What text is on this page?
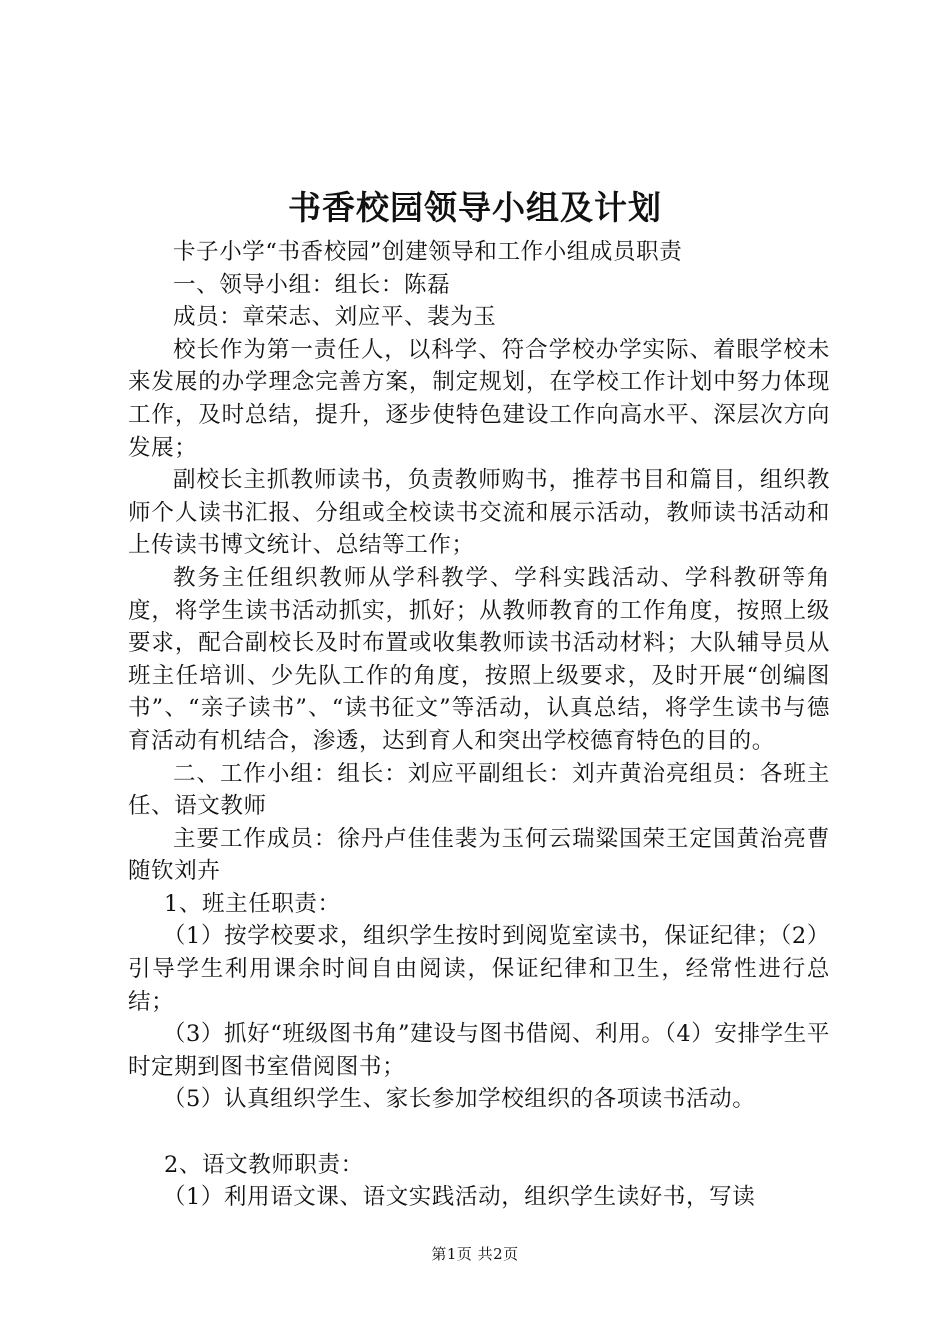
书香校园领导小组及计划

卡子小学“书香校园”创建领导和工作小组成员职责

一、领导小组：组长：陈磊

成员：章荣志、刘应平、裴为玉

校长作为第一责任人，以科学、符合学校办学实际、着眼学校未来发展的办学理念完善方案，制定规划，在学校工作计划中努力体现工作，及时总结，提升，逐步使特色建设工作向高水平、深层次方向发展；

副校长主抓教师读书，负责教师购书，推荐书目和篇目，组织教师个人读书汇报、分组或全校读书交流和展示活动，教师读书活动和上传读书博文统计、总结等工作；

教务主任组织教师从学科教学、学科实践活动、学科教研等角度，将学生读书活动抓实，抓好；从教师教育的工作角度，按照上级要求，配合副校长及时布置或收集教师读书活动材料；大队辅导员从班主任培训、少先队工作的角度，按照上级要求，及时开展“创编图书”、“亲子读书”、“读书征文”等活动，认真总结，将学生读书与德育活动有机结合，渗透，达到育人和突出学校德育特色的目的。

二、工作小组：组长：刘应平副组长：刘卉黄治亮组员：各班主任、语文教师

主要工作成员：徐丹卢佳佳裴为玉何云瑞粱国荣王定国黄治亮曹随钦刘卉

1、班主任职责：

（1）按学校要求，组织学生按时到阅览室读书，保证纪律；（2）引导学生利用课余时间自由阅读，保证纪律和卫生，经常性进行总结；

（3）抓好“班级图书角”建设与图书借阅、利用。（4）安排学生平时定期到图书室借阅图书；

（5）认真组织学生、家长参加学校组织的各项读书活动。

2、语文教师职责：

（1）利用语文课、语文实践活动，组织学生读好书，写读

第1页 共2页
